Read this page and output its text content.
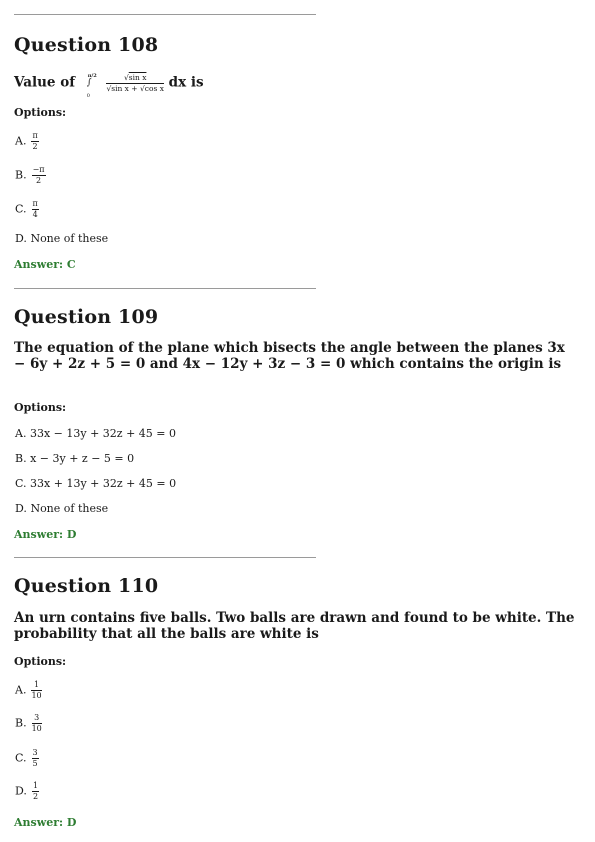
Question 108
Value of	π/2
∫
0

$\frac{\text{√sin x}}{\text{√sin x + √cos x}}$ dx is
Options:
A. $\frac{\pi}{2}$
B. $\frac{-\pi}{2}$
C. $\frac{\pi}{4}$
D. None of these
Answer: C
Question 109
The equation of the plane which bisects the angle between the planes 3x − 6y + 2z + 5 = 0 and 4x − 12y + 3z − 3 = 0 which contains the origin is
Options:
A. 33x − 13y + 32z + 45 = 0
B. x − 3y + z − 5 = 0
C. 33x + 13y + 32z + 45 = 0
D. None of these
Answer: D
Question 110
An urn contains five balls. Two balls are drawn and found to be white. The probability that all the balls are white is
Options:
A. $\frac{1}{10}$
B. $\frac{3}{10}$
C. $\frac{3}{5}$
D. $\frac{1}{2}$
Answer: D
